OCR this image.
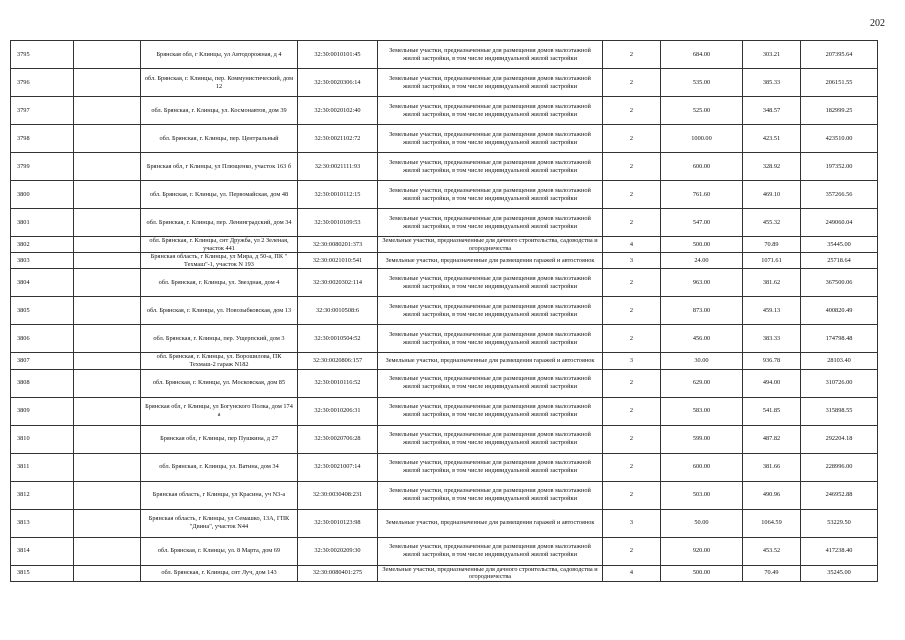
202
3795		Брянская обл, г Клинцы, ул Автодорожная, д 4	32:30:0010101:45	Земельные участки, предназначенные для размещения домов малоэтажной жилой застройки, в том числе индивидуальной жилой застройки	2	684.00	303.21	207395.64
3796		обл. Брянская, г. Клинцы, пер. Коммунистический, дом 12	32:30:0020306:14	Земельные участки, предназначенные для размещения домов малоэтажной жилой застройки, в том числе индивидуальной жилой застройки	2	535.00	385.33	206151.55
3797		обл. Брянская, г. Клинцы, ул. Космонавтов, дом 39	32:30:0020102:40	Земельные участки, предназначенные для размещения домов малоэтажной жилой застройки, в том числе индивидуальной жилой застройки	2	525.00	348.57	182999.25
3798		обл. Брянская, г. Клинцы, пер. Центральный	32:30:0021102:72	Земельные участки, предназначенные для размещения домов малоэтажной жилой застройки, в том числе индивидуальной жилой застройки	2	1000.00	423.51	423510.00
3799		Брянская обл, г Клинцы, ул Плющенко, участок 163 б	32:30:0021111:93	Земельные участки, предназначенные для размещения домов малоэтажной жилой застройки, в том числе индивидуальной жилой застройки	2	600.00	328.92	197352.00
3800		обл. Брянская, г. Клинцы, ул. Первомайская, дом 48	32:30:0010112:15	Земельные участки, предназначенные для размещения домов малоэтажной жилой застройки, в том числе индивидуальной жилой застройки	2	761.60	469.10	357266.56
3801		обл. Брянская, г. Клинцы, пер. Ленинградский, дом 34	32:30:0010109:53	Земельные участки, предназначенные для размещения домов малоэтажной жилой застройки, в том числе индивидуальной жилой застройки	2	547.00	455.32	249060.04
3802		обл. Брянская, г. Клинцы, снт Дружба, ул 2 Зеленая, участок 441	32:30:0080201:373	Земельные участки, предназначенные для дачного строительства, садоводства и огородничества	4	500.00	70.89	35445.00
3803		Брянская область, г Клинцы, ул Мира, д 50-а, ПК " Техмаш"-1, участок N 193	32:30:0021010:541	Земельные участки, предназначенные для размещения гаражей и автостоянок	3	24.00	1071.61	25718.64
3804		обл. Брянская, г. Клинцы, ул. Звездная, дом 4	32:30:0020302:114	Земельные участки, предназначенные для размещения домов малоэтажной жилой застройки, в том числе индивидуальной жилой застройки	2	963.00	381.62	367500.06
3805		обл. Брянская, г. Клинцы, ул. Новозыбковская, дом 13	32:30:0010508:6	Земельные участки, предназначенные для размещения домов малоэтажной жилой застройки, в том числе индивидуальной жилой застройки	2	873.00	459.13	400820.49
3806		обл. Брянская, г. Клинцы, пер. Ущерпский, дом 3	32:30:0010504:52	Земельные участки, предназначенные для размещения домов малоэтажной жилой застройки, в том числе индивидуальной жилой застройки	2	456.00	383.33	174798.48
3807		обл. Брянская, г. Клинцы, ул. Ворошилова, ПК Техмаш-2 гараж N182	32:30:0020806:157	Земельные участки, предназначенные для размещения гаражей и автостоянок	3	30.00	936.78	28103.40
3808		обл. Брянская, г. Клинцы, ул. Московская, дом 85	32:30:0010116:52	Земельные участки, предназначенные для размещения домов малоэтажной жилой застройки, в том числе индивидуальной жилой застройки	2	629.00	494.00	310726.00
3809		Брянская обл, г Клинцы, ул Богунского Полка, дом 174 а	32:30:0010206:31	Земельные участки, предназначенные для размещения домов малоэтажной жилой застройки, в том числе индивидуальной жилой застройки	2	583.00	541.85	315898.55
3810		Брянская обл, г Клинцы, пер Пушкина, д 27	32:30:0020706:28	Земельные участки, предназначенные для размещения домов малоэтажной жилой застройки, в том числе индивидуальной жилой застройки	2	599.00	487.82	292204.18
3811		обл. Брянская, г. Клинцы, ул. Ватина, дом 34	32:30:0021007:14	Земельные участки, предназначенные для размещения домов малоэтажной жилой застройки, в том числе индивидуальной жилой застройки	2	600.00	381.66	228996.00
3812		Брянская область, г Клинцы, ул Красина, уч N3-а	32:30:0030408:231	Земельные участки, предназначенные для размещения домов малоэтажной жилой застройки, в том числе индивидуальной жилой застройки	2	503.00	490.96	246952.88
3813		Брянская область, г Клинцы, ул Семашко, 13А, ГПК "Двина", участок N44	32:30:0010123:98	Земельные участки, предназначенные для размещения гаражей и автостоянок	3	50.00	1064.59	53229.50
3814		обл. Брянская, г. Клинцы, ул. 8 Марта, дом 69	32:30:0020209:30	Земельные участки, предназначенные для размещения домов малоэтажной жилой застройки, в том числе индивидуальной жилой застройки	2	920.00	453.52	417238.40
3815		обл. Брянская, г. Клинцы, снт Луч, дом 143	32:30:0080401:275	Земельные участки, предназначенные для дачного строительства, садоводства и огородничества	4	500.00	70.49	35245.00
